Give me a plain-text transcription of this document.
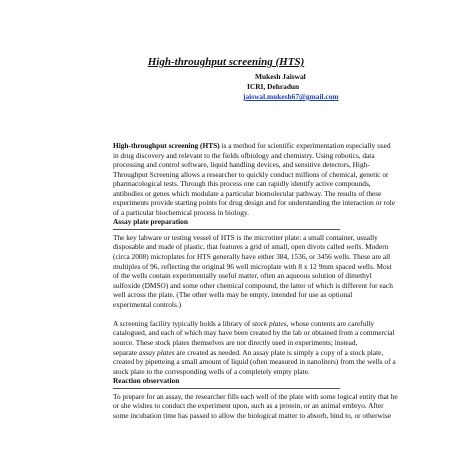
High-throughput screening (HTS)
Mukesh Jaiswal
ICRI, Dehradun
jaiswal.mukesh67@gmail.com
High-throughput screening (HTS) is a method for scientific experimentation especially used
in drug discovery and relevant to the fields ofbiology and chemistry. Using robotics, data
processing and control software, liquid handling devices, and sensitive detectors, High-
Throughput Screening allows a researcher to quickly conduct millions of chemical, genetic or
pharmacological tests. Through this process one can rapidly identify active compounds,
antibodies or genes which modulate a particular biomolecular pathway. The results of these
experiments provide starting points for drug design and for understanding the interaction or role
of a particular biochemical process in biology.
Assay plate preparation
The key labware or testing vessel of HTS is the microtiter plate: a small container, usually
disposable and made of plastic, that features a grid of small, open divots called wells. Modern
(circa 2008) microplates for HTS generally have either 384, 1536, or 3456 wells. These are all
multiples of 96, reflecting the original 96 well microplate with 8 x 12 9mm spaced wells. Most
of the wells contain experimentally useful matter, often an aqueous solution of dimethyl
sulfoxide (DMSO) and some other chemical compound, the latter of which is different for each
well across the plate. (The other wells may be empty, intended for use as optional
experimental controls.)
A screening facility typically holds a library of stock plates, whose contents are carefully
catalogued, and each of which may have been created by the lab or obtained from a commercial
source. These stock plates themselves are not directly used in experiments; instead,
separate assay plates are created as needed. An assay plate is simply a copy of a stock plate,
created by pipetteing a small amount of liquid (often measured in nanoliters) from the wells of a
stock plate to the corresponding wells of a completely empty plate.
Reaction observation
To prepare for an assay, the researcher fills each well of the plate with some logical entity that he
or she wishes to conduct the experiment upon, such as a protein, or an animal embryo. After
some incubation time has passed to allow the biological matter to absorb, bind to, or otherwise
